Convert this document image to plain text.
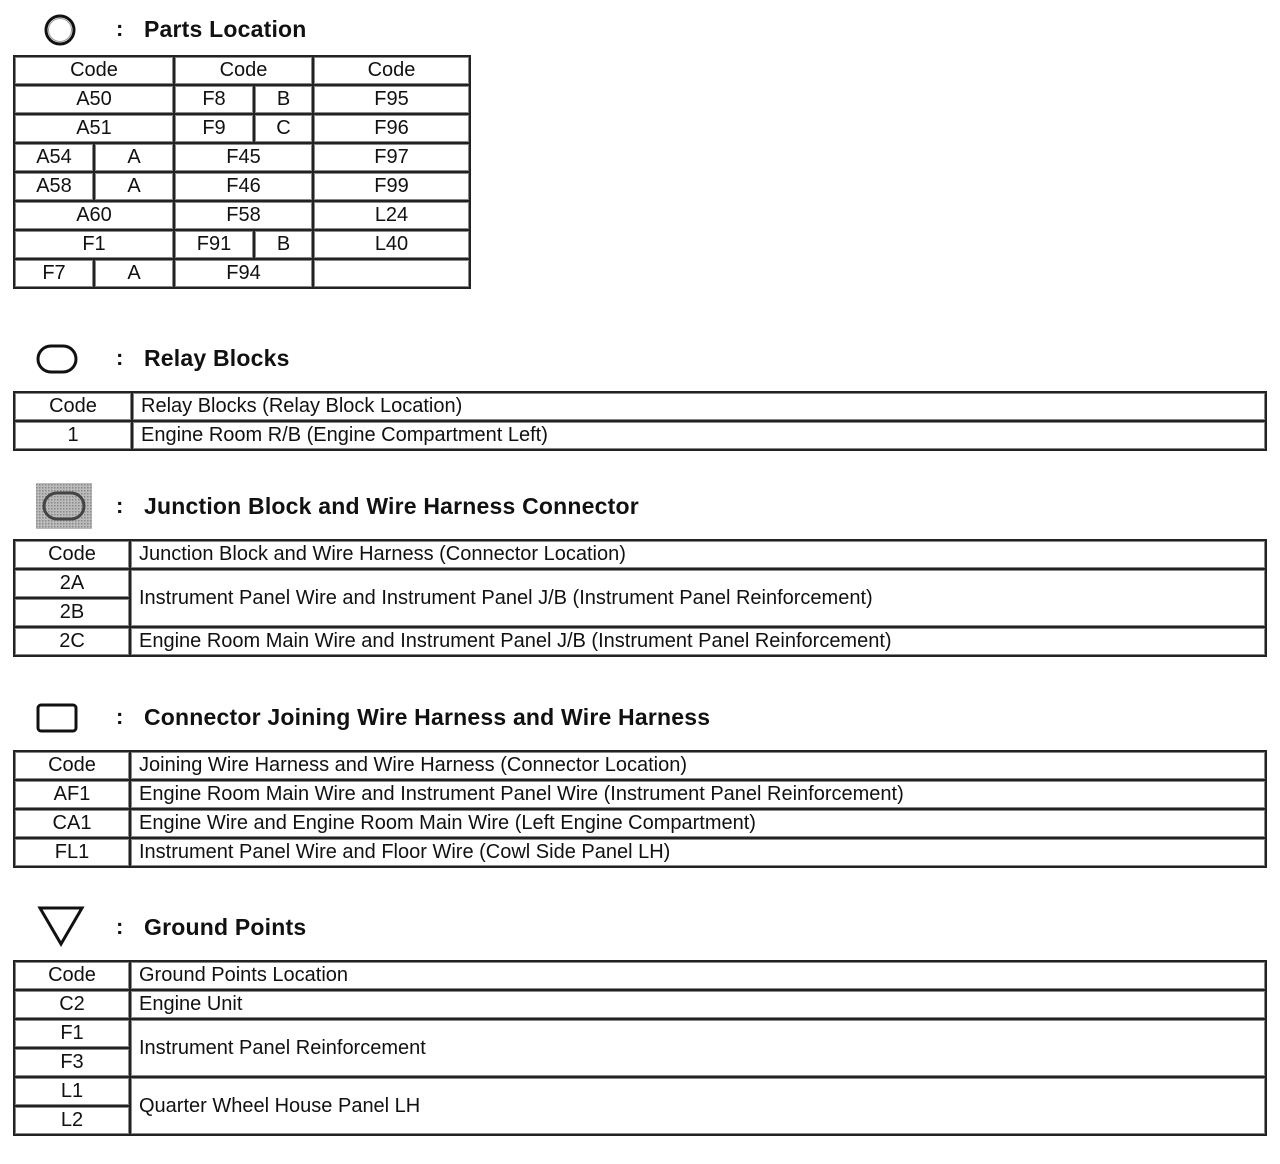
: Parts Location
Code		Code		Code
A50		F8	B	F95
A51		F9	C	F96
A54	A	F45		F97
A58	A	F46		F99
A60		F58		L24
F1		F91	B	L40
F7	A	F94		
: Relay Blocks
Code	Relay Blocks (Relay Block Location)
1	Engine Room R/B (Engine Compartment Left)
: Junction Block and Wire Harness Connector
Code	Junction Block and Wire Harness (Connector Location)
2A	Instrument Panel Wire and Instrument Panel J/B (Instrument Panel Reinforcement)
2B	
2C	Engine Room Main Wire and Instrument Panel J/B (Instrument Panel Reinforcement)
: Connector Joining Wire Harness and Wire Harness
Code	Joining Wire Harness and Wire Harness (Connector Location)
AF1	Engine Room Main Wire and Instrument Panel Wire (Instrument Panel Reinforcement)
CA1	Engine Wire and Engine Room Main Wire (Left Engine Compartment)
FL1	Instrument Panel Wire and Floor Wire (Cowl Side Panel LH)
: Ground Points
Code	Ground Points Location
C2	Engine Unit
F1	Instrument Panel Reinforcement
F3	
L1	Quarter Wheel House Panel LH
L2	
